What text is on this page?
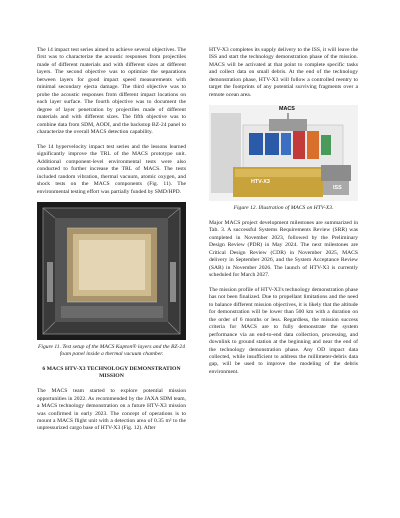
The 14 impact test series aimed to achieve several objectives. The first was to characterize the acoustic responses from projectiles made of different materials and with different sizes at different layers. The second objective was to optimize the separations between layers for good impact speed measurements with minimal secondary ejecta damage. The third objective was to probe the acoustic responses from different impact locations on each layer surface. The fourth objective was to document the degree of layer penetration by projectiles made of different materials and with different sizes. The fifth objective was to combine data from SDM, AODI, and the backstop BZ-24 panel to characterize the overall MACS detection capability.

The 14 hypervelocity impact test series and the lessons learned significantly improve the TRL of the MACS prototype unit. Additional component-level environmental tests were also conducted to further increase the TRL of MACS. The tests included random vibration, thermal vacuum, atomic oxygen, and shock tests on the MACS components (Fig. 11). The environmental testing effort was partially funded by SMD/HPD.

Figure 11. Test setup of the MACS Kapton® layers and the BZ-24 foam panel inside a thermal vacuum chamber.

6 MACS HTV-X3 TECHNOLOGY DEMONSTRATION MISSION

The MACS team started to explore potential mission opportunities in 2022. As recommended by the JAXA SDM team, a MACS technology demonstration on a future HTV-X3 mission was confirmed in early 2023. The concept of operations is to mount a MACS flight unit with a detection area of 0.35 m² to the unpressurized cargo base of HTV-X3 (Fig. 12). After

HTV-X3 completes its supply delivery to the ISS, it will leave the ISS and start the technology demonstration phase of the mission. MACS will be activated at that point to complete specific tasks and collect data on small debris. At the end of the technology demonstration phase, HTV-X3 will follow a controlled reentry to target the footprints of any potential surviving fragments over a remote ocean area.

MACS
HTV-X3
ISS

Figure 12. Illustration of MACS on HTV-X3.

Major MACS project development milestones are summarized in Tab. 3. A successful Systems Requirements Review (SRR) was completed in November 2023, followed by the Preliminary Design Review (PDR) in May 2024. The next milestones are Critical Design Review (CDR) in November 2025, MACS delivery in September 2026, and the System Acceptance Review (SAR) in November 2026. The launch of HTV-X3 is currently scheduled for March 2027.

The mission profile of HTV-X3's technology demonstration phase has not been finalized. Due to propellant limitations and the need to balance different mission objectives, it is likely that the altitude for demonstration will be lower than 500 km with a duration on the order of 6 months or less. Regardless, the mission success criteria for MACS are to fully demonstrate the system performance via an end-to-end data collection, processing, and downlink to ground station at the beginning and near the end of the technology demonstration phase. Any OD impact data collected, while insufficient to address the millimeter-debris data gap, will be used to improve the modeling of the debris environment.
